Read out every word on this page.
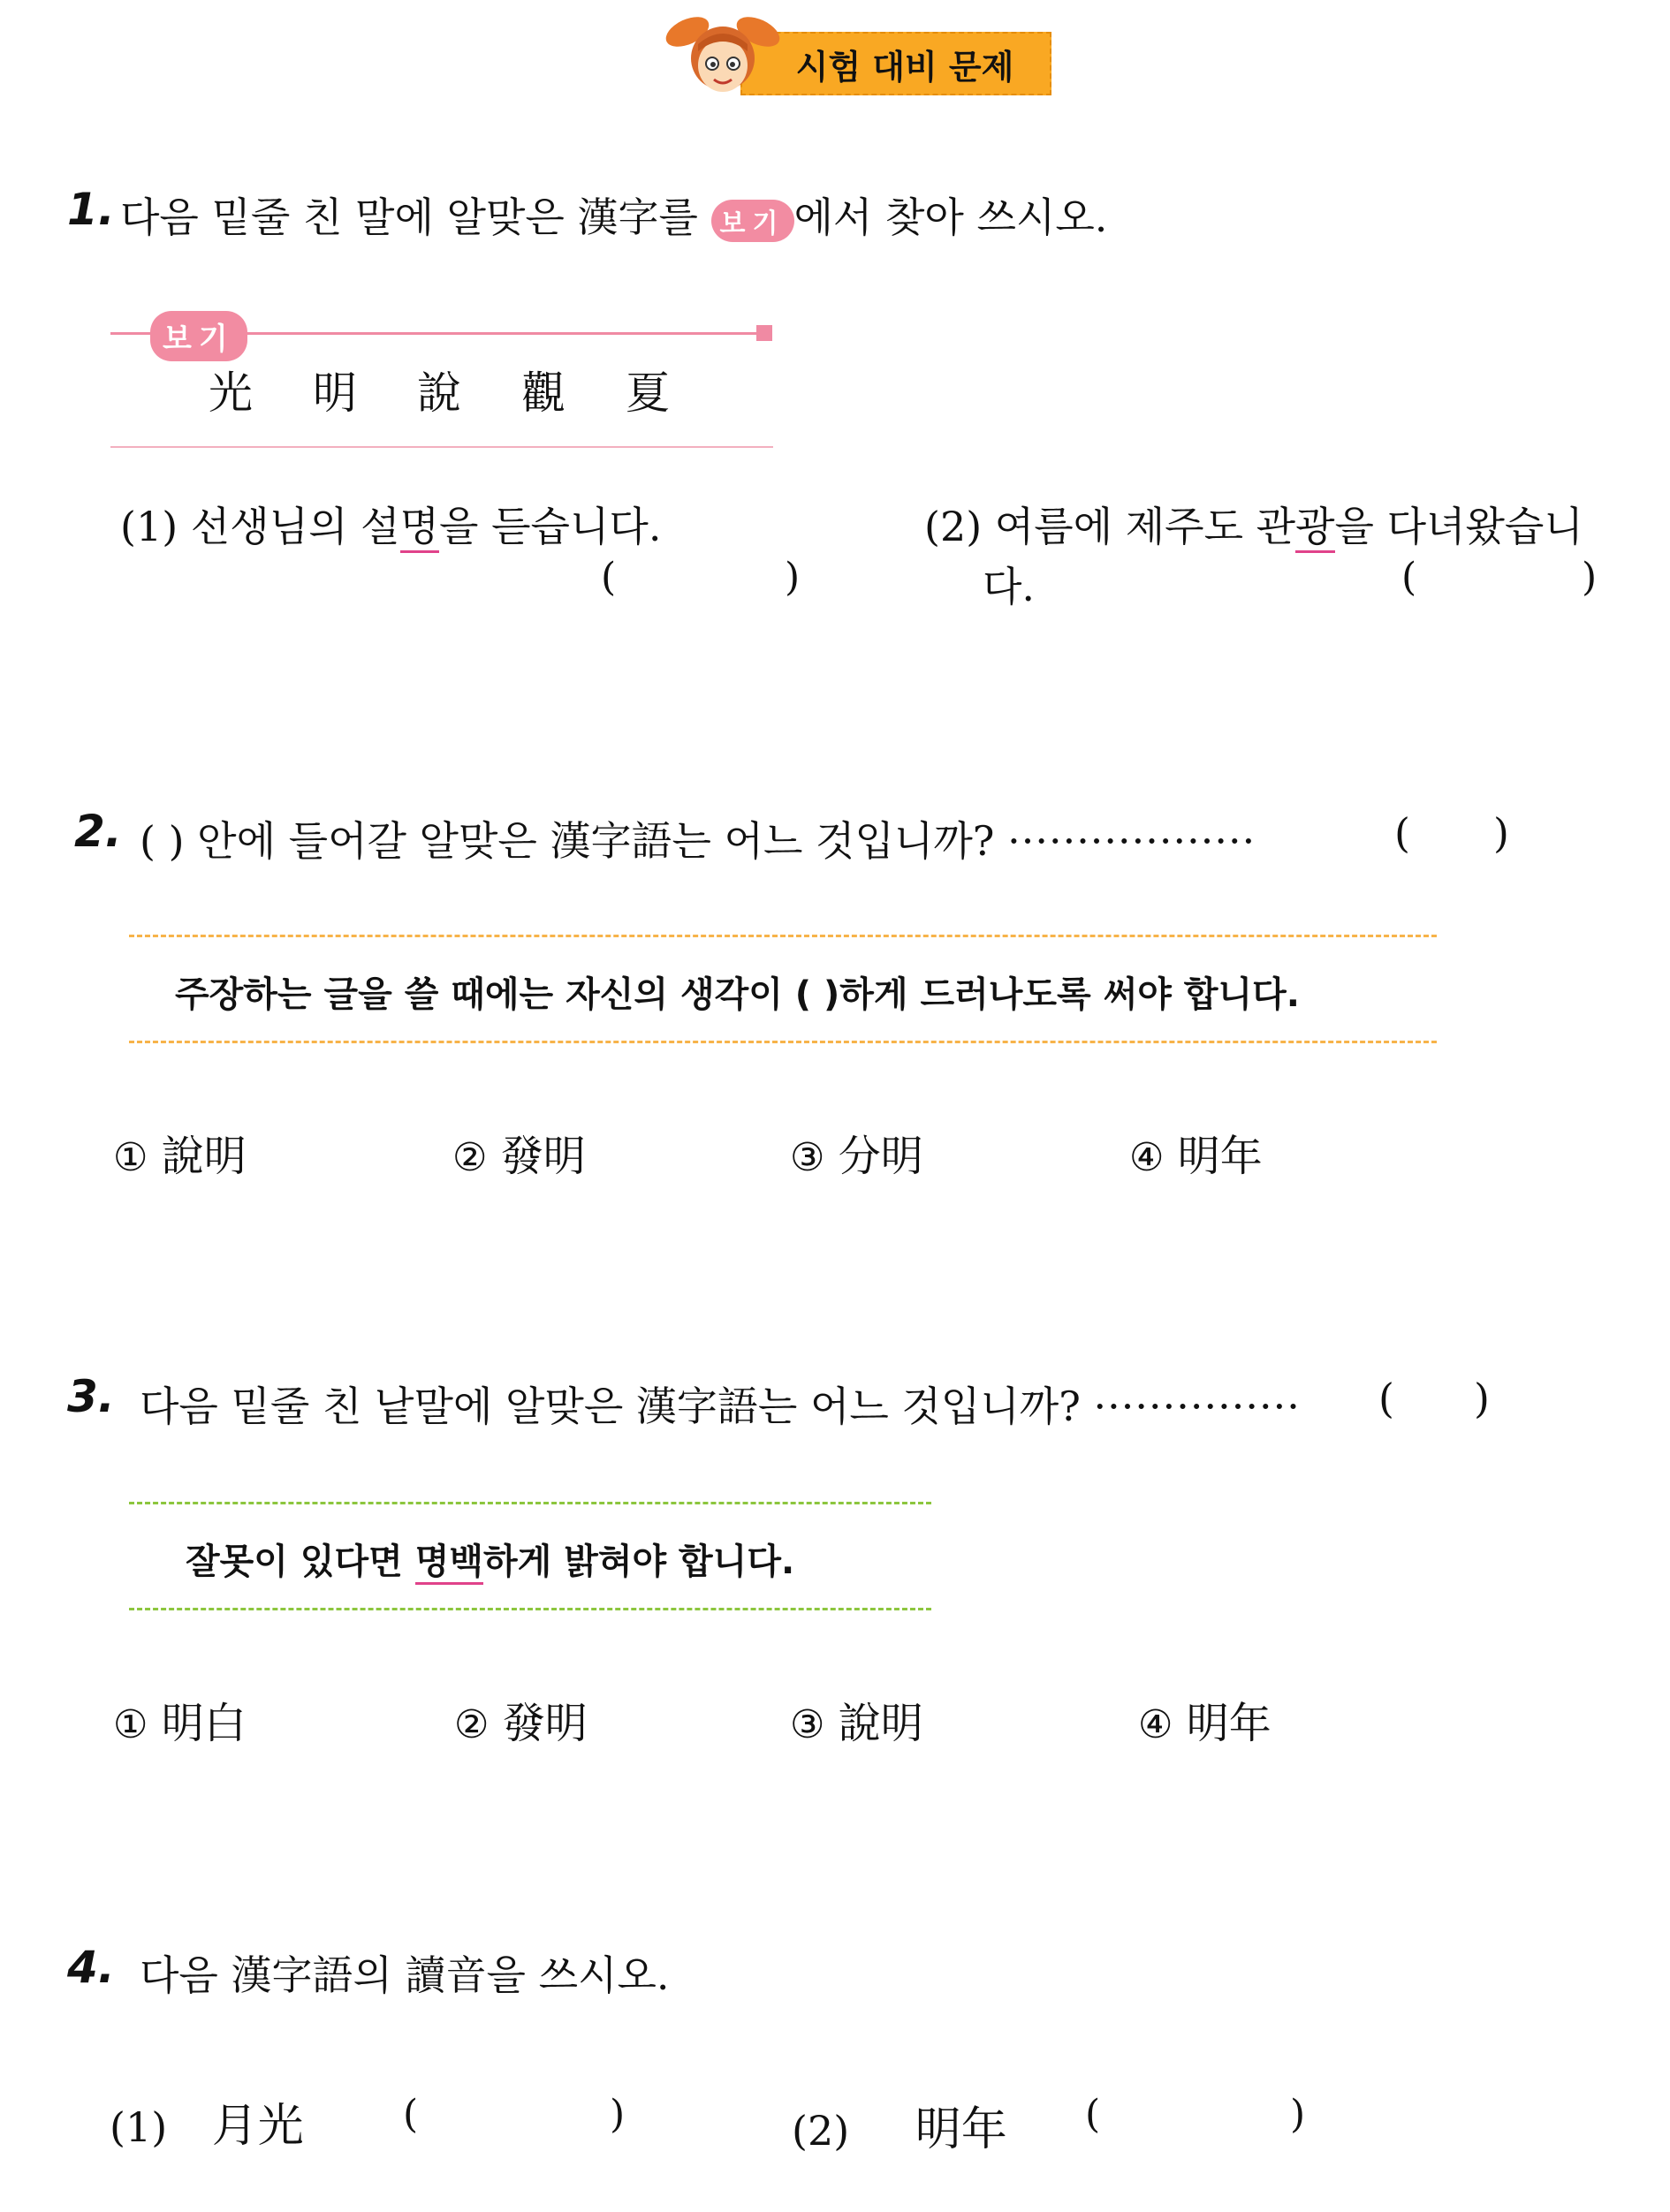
시험 대비 문제
1. 다음 밑줄 친 말에 알맞은 漢字를 보기 에서 찾아 쓰시오.
보기
光 明 說 觀 夏
(1) 선생님의 설명을 듣습니다.
(	)
(2) 여름에 제주도 관광을 다녀왔습니
다.	(	)
2. ( ) 안에 들어갈 알맞은 漢字語는 어느 것입니까? ··················	( )
주장하는 글을 쓸 때에는 자신의 생각이 ( )하게 드러나도록 써야 합니다.
① 說明	② 發明	③ 分明	④ 明年
3. 다음 밑줄 친 낱말에 알맞은 漢字語는 어느 것입니까? ··············· ( )
잘못이 있다면 명백하게 밝혀야 합니다.
① 明白	② 發明	③ 說明	④ 明年
4. 다음 漢字語의 讀音을 쓰시오.
(1) 月光	(	)	(2) 明年 (	)
